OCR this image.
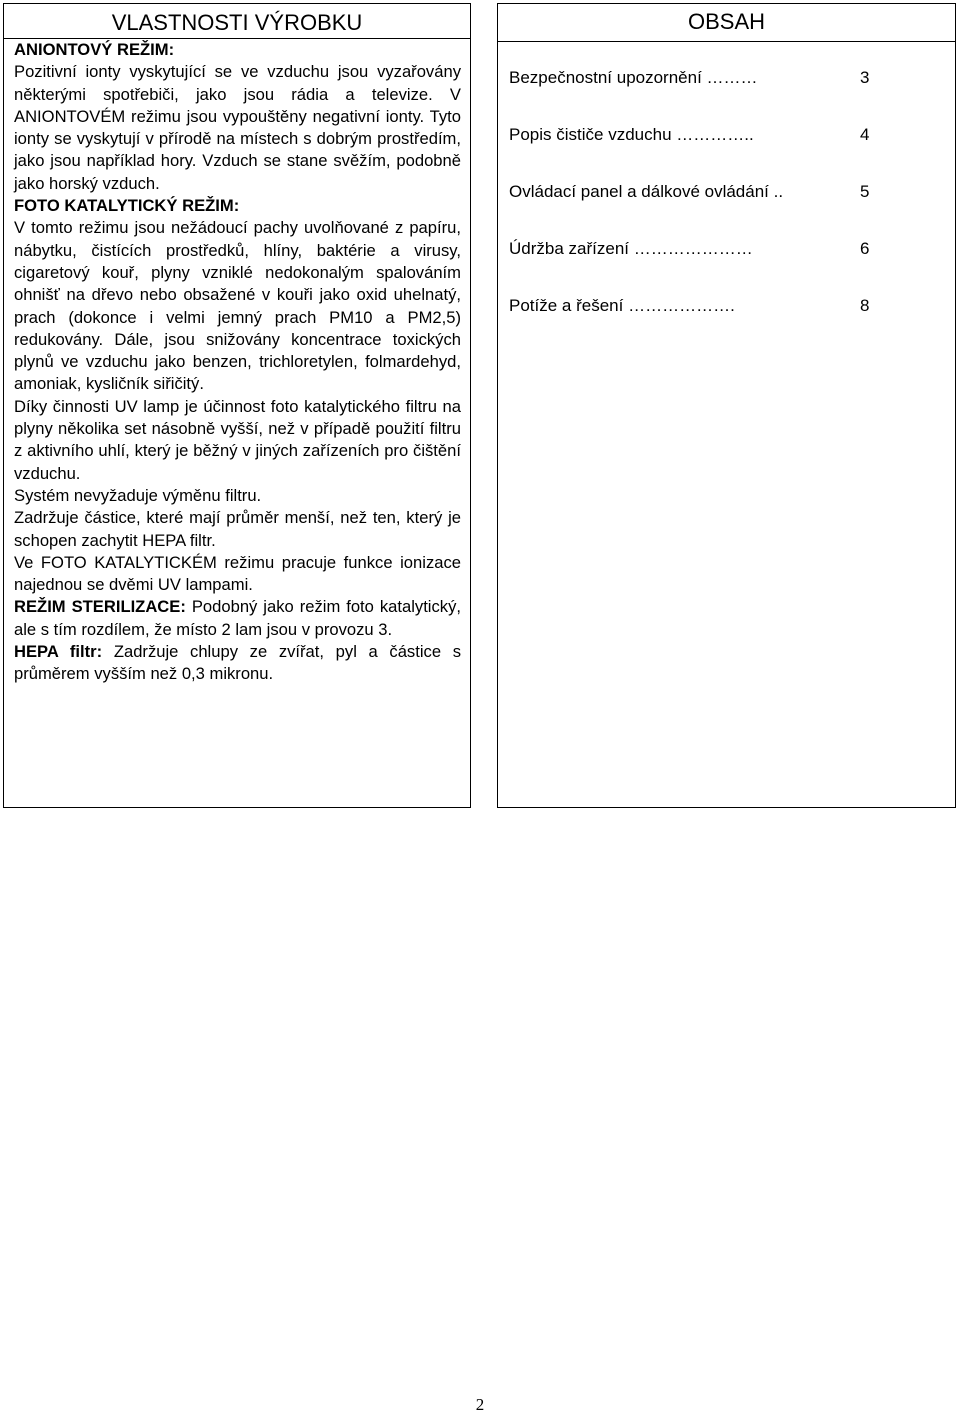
VLASTNOSTI VÝROBKU
ANIONTOVÝ REŽIM:

Pozitivní ionty vyskytující se ve vzduchu jsou vyzařovány některými spotřebiči, jako jsou rádia a televize. V ANIONTOVÉM režimu jsou vypouštěny negativní ionty. Tyto ionty se vyskytují v přírodě na místech s dobrým prostředím, jako jsou například hory. Vzduch se stane svěžím, podobně jako horský vzduch.

FOTO KATALYTICKÝ REŽIM:

V tomto režimu jsou nežádoucí pachy uvolňované z papíru, nábytku, čistících prostředků, hlíny, baktérie a virusy, cigaretový kouř, plyny vzniklé nedokonalým spalováním ohnišť na dřevo nebo obsažené v kouři jako oxid uhelnatý, prach (dokonce i velmi jemný prach PM10 a PM2,5) redukovány. Dále, jsou snižovány koncentrace toxických plynů ve vzduchu jako benzen, trichloretylen, folmardehyd, amoniak, kysličník siřičitý.

Díky činnosti UV lamp je účinnost foto katalytického filtru na plyny několika set násobně vyšší, než v případě použití filtru z aktivního uhlí, který je běžný v jiných zařízeních pro čištění vzduchu.

Systém nevyžaduje výměnu filtru.

Zadržuje částice, které mají průměr menší, než ten, který je schopen zachytit HEPA filtr.

Ve FOTO KATALYTICKÉM režimu pracuje funkce ionizace najednou se dvěmi UV lampami.

REŽIM STERILIZACE: Podobný jako režim foto katalytický, ale s tím rozdílem, že místo 2 lam jsou v provozu 3.

HEPA filtr: Zadržuje chlupy ze zvířat, pyl a částice s průměrem vyšším než 0,3 mikronu.

OBSAH
Bezpečnostní upozornění ………	3
Popis čističe vzduchu …………..	4
Ovládací panel a dálkové ovládání ..	5
Údržba zařízení …………………	6
Potíže a řešení ……………….	8
2
